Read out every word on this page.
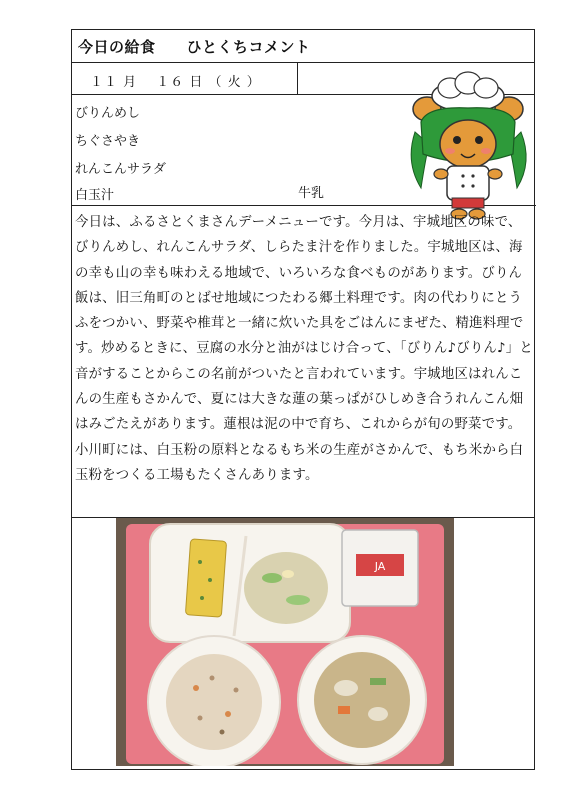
今日の給食　　ひとくちコメント
１１ 月　 １６ 日 （ 火 ）
びりんめし
ちぐさやき
れんこんサラダ
白玉汁	牛乳
今日は、ふるさとくまさんデーメニューです。今月は、宇城地区の味で、びりんめし、れんこんサラダ、しらたま汁を作りました。宇城地区は、海の幸も山の幸も味わえる地域で、いろいろな食べものがあります。びりん飯は、旧三角町のとばせ地域につたわる郷土料理です。肉の代わりにとうふをつかい、野菜や椎茸と一緒に炊いた具をごはんにまぜた、精進料理です。炒めるときに、豆腐の水分と油がはじけ合って、「びりん♪びりん♪」と音がすることからこの名前がついたと言われています。宇城地区はれんこんの生産もさかんで、夏には大きな蓮の葉っぱがひしめき合うれんこん畑はみごたえがあります。蓮根は泥の中で育ち、これからが旬の野菜です。小川町には、白玉粉の原料となるもち米の生産がさかんで、もち米から白玉粉をつくる工場もたくさんあります。
JA
